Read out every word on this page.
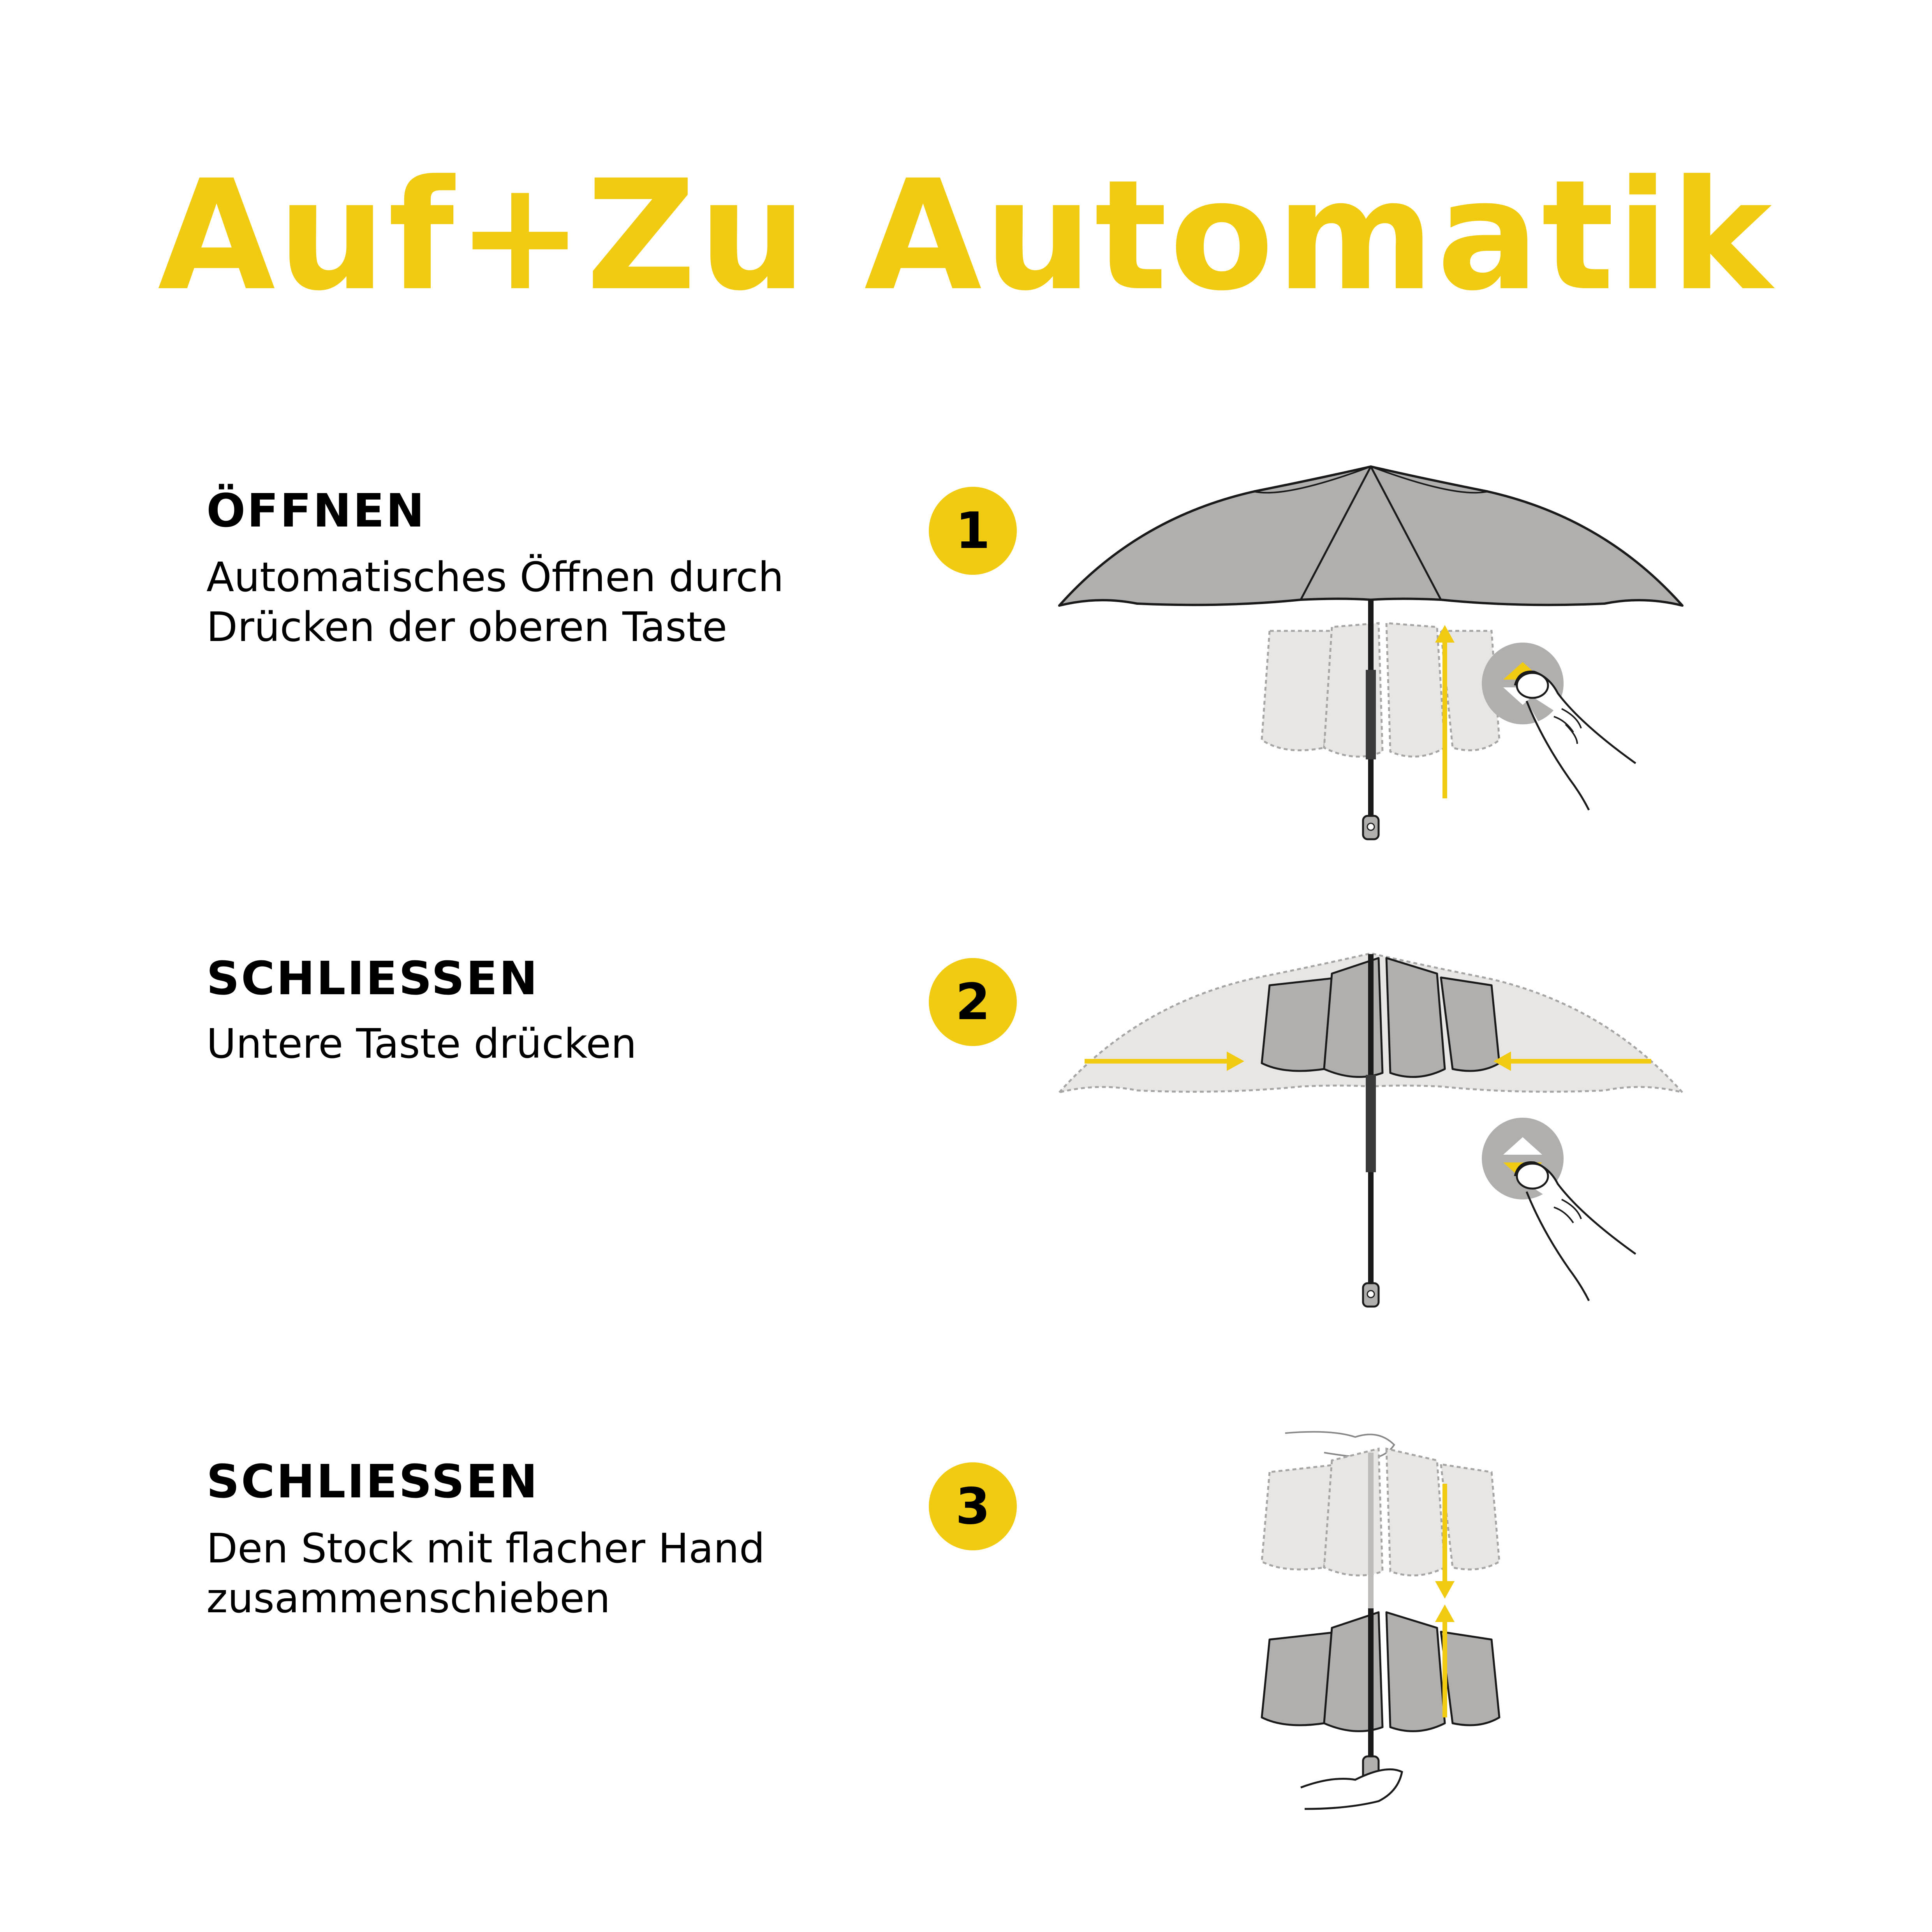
Auf+Zu Automatik
ÖFFNEN
Automatisches Öffnen durch Drücken der oberen Taste
1
SCHLIESSEN
Untere Taste drücken
2
SCHLIESSEN
Den Stock mit flacher Hand zusammenschieben
3
